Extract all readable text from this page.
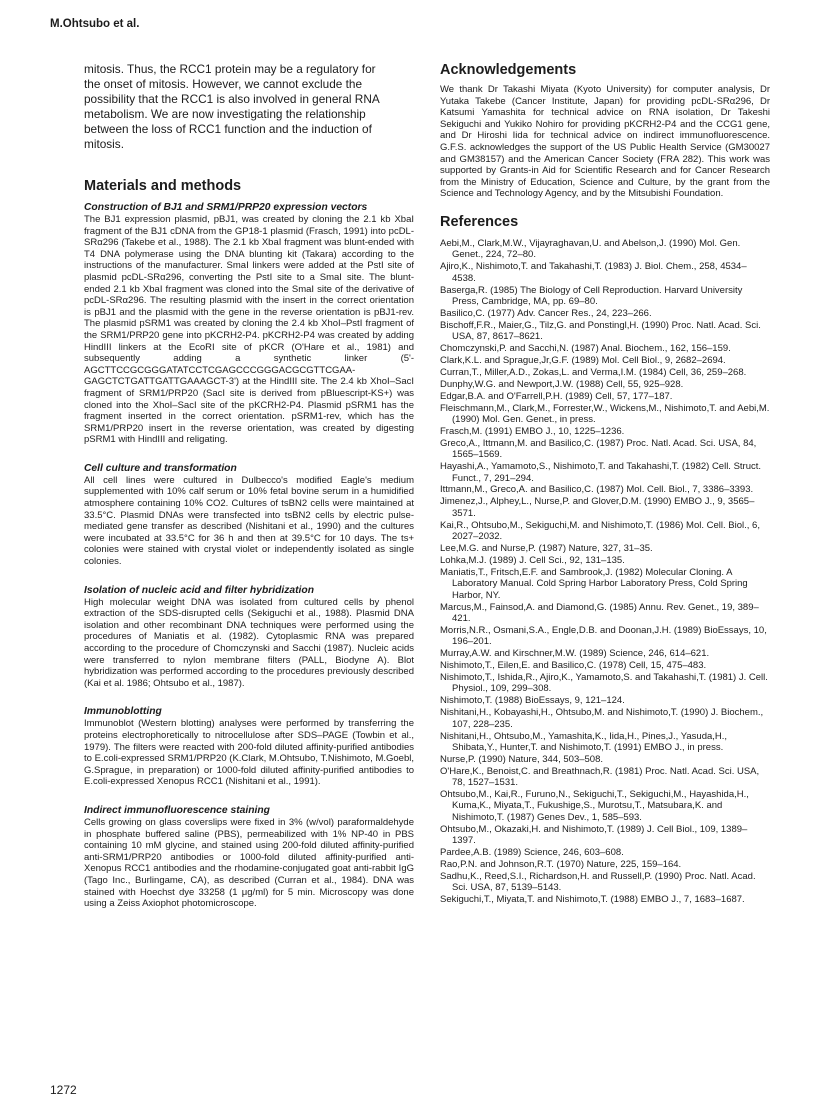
M.Ohtsubo et al.

mitosis. Thus, the RCC1 protein may be a regulatory for the onset of mitosis. However, we cannot exclude the possibility that the RCC1 is also involved in general RNA metabolism. We are now investigating the relationship between the loss of RCC1 function and the induction of mitosis.

Materials and methods
Construction of BJ1 and SRM1/PRP20 expression vectors

The BJ1 expression plasmid, pBJ1, was created by cloning the 2.1 kb XbaI fragment of the BJ1 cDNA from the GP18-1 plasmid (Frasch, 1991) into pcDL-SRα296 (Takebe et al., 1988). The 2.1 kb XbaI fragment was blunt-ended with T4 DNA polymerase using the DNA blunting kit (Takara) according to the instructions of the manufacturer. SmaI linkers were added at the PstI site of plasmid pcDL-SRα296, converting the PstI site to a SmaI site. The blunt-ended 2.1 kb XbaI fragment was cloned into the SmaI site of the derivative of pcDL-SRα296. The resulting plasmid with the insert in the correct orientation is pBJ1 and the plasmid with the gene in the reverse orientation is pBJ1-rev. The plasmid pSRM1 was created by cloning the 2.4 kb XhoI–PstI fragment of the SRM1/PRP20 gene into pKCRH2-P4. pKCRH2-P4 was created by adding HindIII linkers at the EcoRI site of pKCR (O'Hare et al., 1981) and subsequently adding a synthetic linker (5'-AGCTTCCGCGGGATATCCTCGAGCCCGGGACGCGTTCGAA-GAGCTCTGATTGATTGAAAGCT-3') at the HindIII site. The 2.4 kb XhoI–SacI fragment of SRM1/PRP20 (SacI site is derived from pBluescript-KS+) was cloned into the XhoI–SacI site of the pKCRH2-P4. Plasmid pSRM1 has the fragment inserted in the correct orientation. pSRM1-rev, which has the SRM1/PRP20 insert in the reverse orientation, was created by digesting pSRM1 with HindIII and religating.

Cell culture and transformation

All cell lines were cultured in Dulbecco's modified Eagle's medium supplemented with 10% calf serum or 10% fetal bovine serum in a humidified atmosphere containing 10% CO2. Cultures of tsBN2 cells were maintained at 33.5°C. Plasmid DNAs were transfected into tsBN2 cells by electric pulse-mediated gene transfer as described (Nishitani et al., 1990) and the cultures were incubated at 33.5°C for 36 h and then at 39.5°C for 10 days. The ts+ colonies were stained with crystal violet or independently isolated as single colonies.

Isolation of nucleic acid and filter hybridization

High molecular weight DNA was isolated from cultured cells by phenol extraction of the SDS-disrupted cells (Sekiguchi et al., 1988). Plasmid DNA isolation and other recombinant DNA techniques were performed using the procedures of Maniatis et al. (1982). Cytoplasmic RNA was prepared according to the procedure of Chomczynski and Sacchi (1987). Nucleic acids were transferred to nylon membrane filters (PALL, Biodyne A). Blot hybridization was performed according to the procedures previously described (Kai et al. 1986; Ohtsubo et al., 1987).

Immunoblotting

Immunoblot (Western blotting) analyses were performed by transferring the proteins electrophoretically to nitrocellulose after SDS–PAGE (Towbin et al., 1979). The filters were reacted with 200-fold diluted affinity-purified antibodies to E.coli-expressed SRM1/PRP20 (K.Clark, M.Ohtsubo, T.Nishimoto, M.Goebl, G.Sprague, in preparation) or 1000-fold diluted affinity-purified antibodies to E.coli-expressed Xenopus RCC1 (Nishitani et al., 1991).

Indirect immunofluorescence staining

Cells growing on glass coverslips were fixed in 3% (w/vol) paraformaldehyde in phosphate buffered saline (PBS), permeabilized with 1% NP-40 in PBS containing 10 mM glycine, and stained using 200-fold diluted affinity-purified anti-SRM1/PRP20 antibodies or 1000-fold diluted affinity-purified anti-Xenopus RCC1 antibodies and the rhodamine-conjugated goat anti-rabbit IgG (Tago Inc., Burlingame, CA), as described (Curran et al., 1984). DNA was stained with Hoechst dye 33258 (1 μg/ml) for 5 min. Microscopy was done using a Zeiss Axiophot photomicroscope.

Acknowledgements

We thank Dr Takashi Miyata (Kyoto University) for computer analysis, Dr Yutaka Takebe (Cancer Institute, Japan) for providing pcDL-SRα296, Dr Katsumi Yamashita for technical advice on RNA isolation, Dr Takeshi Sekiguchi and Yukiko Nohiro for providing pKCRH2-P4 and the CCG1 gene, and Dr Hiroshi Iida for technical advice on indirect immunofluorescence. G.F.S. acknowledges the support of the US Public Health Service (GM30027 and GM38157) and the American Cancer Society (FRA 282). This work was supported by Grants-in Aid for Scientific Research and for Cancer Research from the Ministry of Education, Science and Culture, by the grant from the Science and Technology Agency, and by the Mitsubishi Foundation.

References
Aebi,M., Clark,M.W., Vijayraghavan,U. and Abelson,J. (1990) Mol. Gen. Genet., 224, 72–80.
Ajiro,K., Nishimoto,T. and Takahashi,T. (1983) J. Biol. Chem., 258, 4534–4538.
Baserga,R. (1985) The Biology of Cell Reproduction. Harvard University Press, Cambridge, MA, pp. 69–80.
Basilico,C. (1977) Adv. Cancer Res., 24, 223–266.
Bischoff,F.R., Maier,G., Tilz,G. and Ponstingl,H. (1990) Proc. Natl. Acad. Sci. USA, 87, 8617–8621.
Chomczynski,P. and Sacchi,N. (1987) Anal. Biochem., 162, 156–159.
Clark,K.L. and Sprague,Jr,G.F. (1989) Mol. Cell Biol., 9, 2682–2694.
Curran,T., Miller,A.D., Zokas,L. and Verma,I.M. (1984) Cell, 36, 259–268.
Dunphy,W.G. and Newport,J.W. (1988) Cell, 55, 925–928.
Edgar,B.A. and O'Farrell,P.H. (1989) Cell, 57, 177–187.
Fleischmann,M., Clark,M., Forrester,W., Wickens,M., Nishimoto,T. and Aebi,M. (1990) Mol. Gen. Genet., in press.
Frasch,M. (1991) EMBO J., 10, 1225–1236.
Greco,A., Ittmann,M. and Basilico,C. (1987) Proc. Natl. Acad. Sci. USA, 84, 1565–1569.
Hayashi,A., Yamamoto,S., Nishimoto,T. and Takahashi,T. (1982) Cell. Struct. Funct., 7, 291–294.
Ittmann,M., Greco,A. and Basilico,C. (1987) Mol. Cell. Biol., 7, 3386–3393.
Jimenez,J., Alphey,L., Nurse,P. and Glover,D.M. (1990) EMBO J., 9, 3565–3571.
Kai,R., Ohtsubo,M., Sekiguchi,M. and Nishimoto,T. (1986) Mol. Cell. Biol., 6, 2027–2032.
Lee,M.G. and Nurse,P. (1987) Nature, 327, 31–35.
Lohka,M.J. (1989) J. Cell Sci., 92, 131–135.
Maniatis,T., Fritsch,E.F. and Sambrook,J. (1982) Molecular Cloning. A Laboratory Manual. Cold Spring Harbor Laboratory Press, Cold Spring Harbor, NY.
Marcus,M., Fainsod,A. and Diamond,G. (1985) Annu. Rev. Genet., 19, 389–421.
Morris,N.R., Osmani,S.A., Engle,D.B. and Doonan,J.H. (1989) BioEssays, 10, 196–201.
Murray,A.W. and Kirschner,M.W. (1989) Science, 246, 614–621.
Nishimoto,T., Eilen,E. and Basilico,C. (1978) Cell, 15, 475–483.
Nishimoto,T., Ishida,R., Ajiro,K., Yamamoto,S. and Takahashi,T. (1981) J. Cell. Physiol., 109, 299–308.
Nishimoto,T. (1988) BioEssays, 9, 121–124.
Nishitani,H., Kobayashi,H., Ohtsubo,M. and Nishimoto,T. (1990) J. Biochem., 107, 228–235.
Nishitani,H., Ohtsubo,M., Yamashita,K., Iida,H., Pines,J., Yasuda,H., Shibata,Y., Hunter,T. and Nishimoto,T. (1991) EMBO J., in press.
Nurse,P. (1990) Nature, 344, 503–508.
O'Hare,K., Benoist,C. and Breathnach,R. (1981) Proc. Natl. Acad. Sci. USA, 78, 1527–1531.
Ohtsubo,M., Kai,R., Furuno,N., Sekiguchi,T., Sekiguchi,M., Hayashida,H., Kuma,K., Miyata,T., Fukushige,S., Murotsu,T., Matsubara,K. and Nishimoto,T. (1987) Genes Dev., 1, 585–593.
Ohtsubo,M., Okazaki,H. and Nishimoto,T. (1989) J. Cell Biol., 109, 1389–1397.
Pardee,A.B. (1989) Science, 246, 603–608.
Rao,P.N. and Johnson,R.T. (1970) Nature, 225, 159–164.
Sadhu,K., Reed,S.I., Richardson,H. and Russell,P. (1990) Proc. Natl. Acad. Sci. USA, 87, 5139–5143.
Sekiguchi,T., Miyata,T. and Nishimoto,T. (1988) EMBO J., 7, 1683–1687.
1272
